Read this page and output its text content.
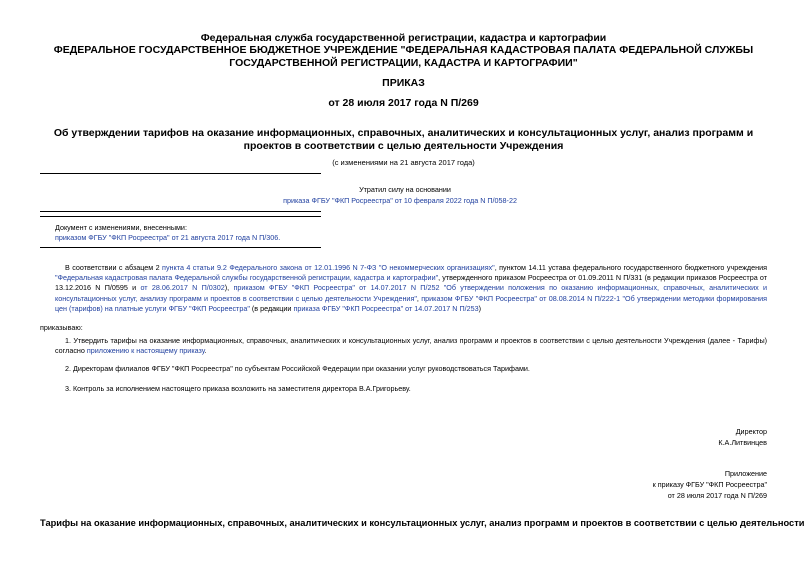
Федеральная служба государственной регистрации, кадастра и картографии
ФЕДЕРАЛЬНОЕ ГОСУДАРСТВЕННОЕ БЮДЖЕТНОЕ УЧРЕЖДЕНИЕ "ФЕДЕРАЛЬНАЯ КАДАСТРОВАЯ ПАЛАТА ФЕДЕРАЛЬНОЙ СЛУЖБЫ ГОСУДАРСТВЕННОЙ РЕГИСТРАЦИИ, КАДАСТРА И КАРТОГРАФИИ"
ПРИКАЗ
от 28 июля 2017 года N П/269
Об утверждении тарифов на оказание информационных, справочных, аналитических и консультационных услуг, анализ программ и проектов в соответствии с целью деятельности Учреждения
(с изменениями на 21 августа 2017 года)
Утратил силу на основании
приказа ФГБУ "ФКП Росреестра" от 10 февраля 2022 года N П/058-22
Документ с изменениями, внесенными:
приказом ФГБУ "ФКП Росреестра" от 21 августа 2017 года N П/306.
В соответствии с абзацем 2 пункта 4 статьи 9.2 Федерального закона от 12.01.1996 N 7-ФЗ "О некоммерческих организациях", пунктом 14.11 устава федерального государственного бюджетного учреждения "Федеральная кадастровая палата Федеральной службы государственной регистрации, кадастра и картографии", утвержденного приказом Росреестра от 01.09.2011 N П/331 (в редакции приказов Росреестра от 13.12.2016 N П/0595 и от 28.06.2017 N П/0302), приказом ФГБУ "ФКП Росреестра" от 14.07.2017 N П/252 "Об утверждении положения по оказанию информационных, справочных, аналитических и консультационных услуг, анализу программ и проектов в соответствии с целью деятельности Учреждения", приказом ФГБУ "ФКП Росреестра" от 08.08.2014 N П/222-1 "Об утверждении методики формирования цен (тарифов) на платные услуги ФГБУ "ФКП Росреестра" (в редакции приказа ФГБУ "ФКП Росреестра" от 14.07.2017 N П/253)
приказываю:
1. Утвердить тарифы на оказание информационных, справочных, аналитических и консультационных услуг, анализ программ и проектов в соответствии с целью деятельности Учреждения (далее - Тарифы) согласно приложению к настоящему приказу.
2. Директорам филиалов ФГБУ "ФКП Росреестра" по субъектам Российской Федерации при оказании услуг руководствоваться Тарифами.
3. Контроль за исполнением настоящего приказа возложить на заместителя директора В.А.Григорьеву.
Директор
К.А.Литвинцев
Приложение
к приказу ФГБУ "ФКП Росреестра"
от 28 июля 2017 года N П/269
Тарифы на оказание информационных, справочных, аналитических и консультационных услуг, анализ программ и проектов в соответствии с целью деятельности
